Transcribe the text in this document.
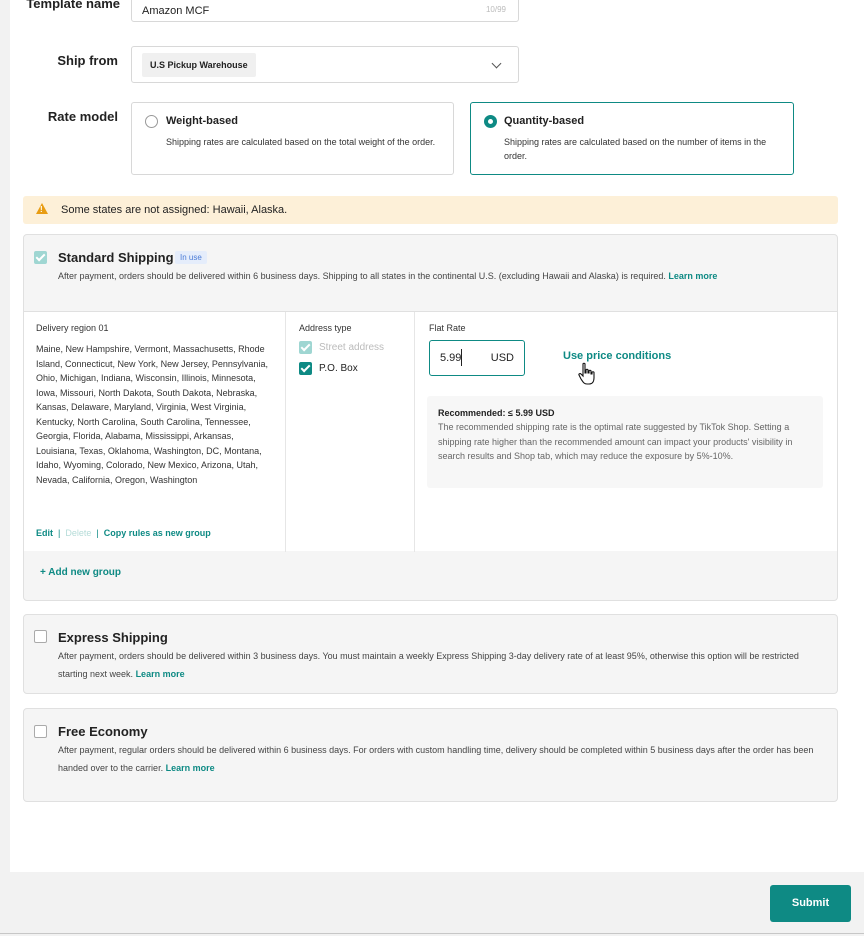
Template name Amazon MCF	10/99
Ship from	U.S Pickup Warehouse
Rate model	Weight-based
Shipping rates are calculated based on the total weight of the order.
Quantity-based
Shipping rates are calculated based on the number of items in the order.
!
Some states are not assigned: Hawaii, Alaska.
Standard Shipping In use
After payment, orders should be delivered within 6 business days. Shipping to all states in the continental U.S. (excluding Hawaii and Alaska) is required. Learn more
Delivery region 01
Maine, New Hampshire, Vermont, Massachusetts, Rhode Island, Connecticut, New York, New Jersey, Pennsylvania, Ohio, Michigan, Indiana, Wisconsin, Illinois, Minnesota, Iowa, Missouri, North Dakota, South Dakota, Nebraska, Kansas, Delaware, Maryland, Virginia, West Virginia, Kentucky, North Carolina, South Carolina, Tennessee, Georgia, Florida, Alabama, Mississippi, Arkansas, Louisiana, Texas, Oklahoma, Washington, DC, Montana, Idaho, Wyoming, Colorado, New Mexico, Arizona, Utah, Nevada, California, Oregon, Washington
Edit | Delete | Copy rules as new group
Address type
Street address
P.O. Box
Flat Rate
5.99	USD	Use price conditions
Recommended: ≤ 5.99 USD
The recommended shipping rate is the optimal rate suggested by TikTok Shop. Setting a shipping rate higher than the recommended amount can impact your products' visibility in search results and Shop tab, which may reduce the exposure by 5%-10%.
+ Add new group
Express Shipping
After payment, orders should be delivered within 3 business days. You must maintain a weekly Express Shipping 3-day delivery rate of at least 95%, otherwise this option will be restricted starting next week. Learn more
Free Economy
After payment, regular orders should be delivered within 6 business days. For orders with custom handling time, delivery should be completed within 5 business days after the order has been handed over to the carrier. Learn more
Submit
